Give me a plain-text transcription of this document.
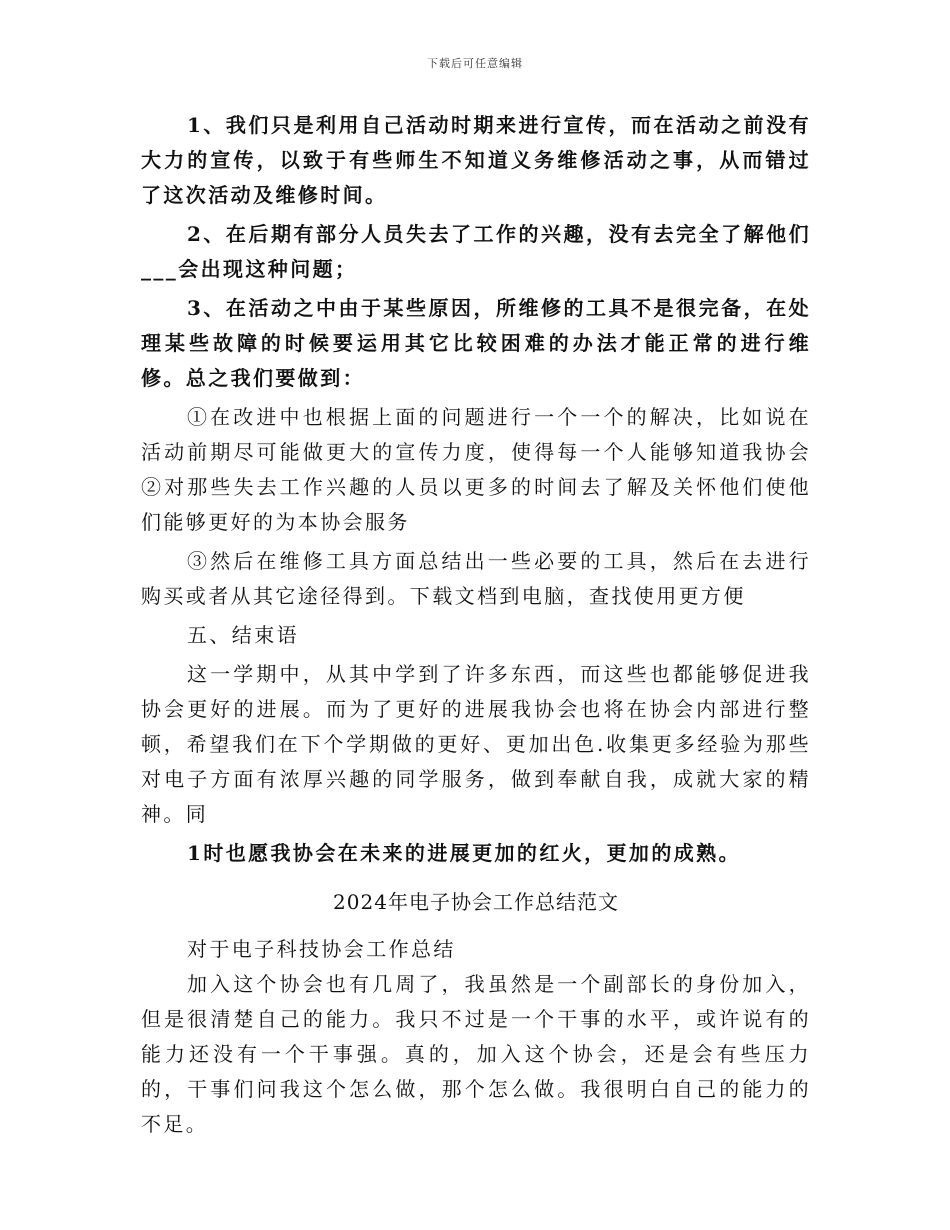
下载后可任意编辑

1、我们只是利用自己活动时期来进行宣传，而在活动之前没有大力的宣传，以致于有些师生不知道义务维修活动之事，从而错过了这次活动及维修时间。

2、在后期有部分人员失去了工作的兴趣，没有去完全了解他们___会出现这种问题；

3、在活动之中由于某些原因，所维修的工具不是很完备，在处理某些故障的时候要运用其它比较困难的办法才能正常的进行维修。总之我们要做到：

①在改进中也根据上面的问题进行一个一个的解决，比如说在活动前期尽可能做更大的宣传力度，使得每一个人能够知道我协会②对那些失去工作兴趣的人员以更多的时间去了解及关怀他们使他们能够更好的为本协会服务

③然后在维修工具方面总结出一些必要的工具，然后在去进行购买或者从其它途径得到。下载文档到电脑，查找使用更方便

五、结束语

这一学期中，从其中学到了许多东西，而这些也都能够促进我协会更好的进展。而为了更好的进展我协会也将在协会内部进行整顿，希望我们在下个学期做的更好、更加出色.收集更多经验为那些对电子方面有浓厚兴趣的同学服务，做到奉献自我，成就大家的精神。同

1时也愿我协会在未来的进展更加的红火，更加的成熟。

2024年电子协会工作总结范文

对于电子科技协会工作总结

加入这个协会也有几周了，我虽然是一个副部长的身份加入，但是很清楚自己的能力。我只不过是一个干事的水平，或许说有的能力还没有一个干事强。真的，加入这个协会，还是会有些压力的，干事们问我这个怎么做，那个怎么做。我很明白自己的能力的不足。
